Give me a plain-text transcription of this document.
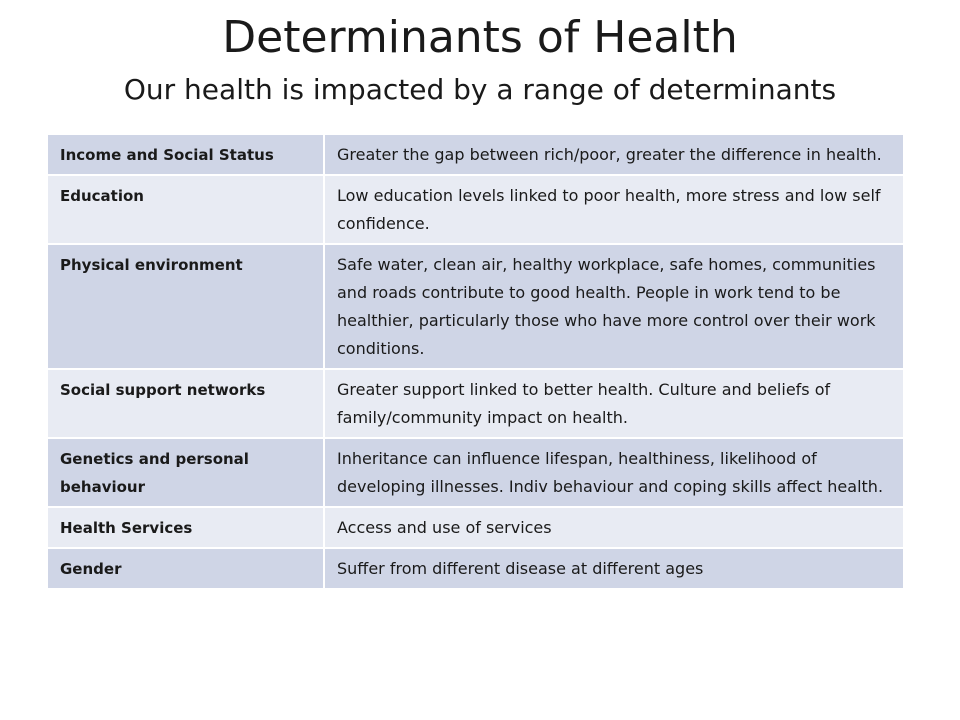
Determinants of Health
Our health is impacted by a range of determinants
Income and Social Status	Greater the gap between rich/poor, greater the difference in health.
Education	Low education levels linked to poor health, more stress and low self confidence.
Physical environment	Safe water, clean air, healthy workplace, safe homes, communities and roads contribute to good health. People in work tend to be healthier, particularly those who have more control over their work conditions.
Social support networks	Greater support linked to better health. Culture and beliefs of family/community impact on health.
Genetics and personal behaviour	Inheritance can influence lifespan, healthiness, likelihood of developing illnesses. Indiv behaviour and coping skills affect health.
Health Services	Access and use of services
Gender	Suffer from different disease at different ages
